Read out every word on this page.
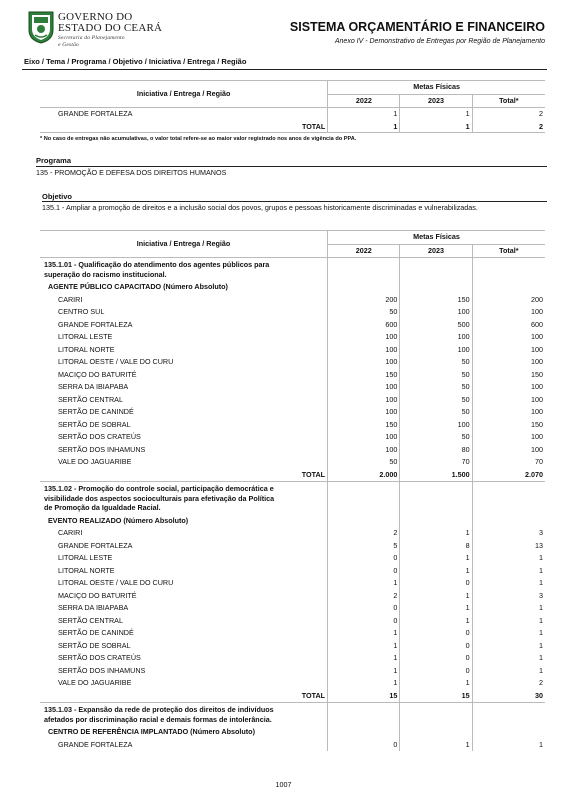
GOVERNO DO
ESTADO DO CEARÁ
Secretaria do Planejamento
e Gestão
SISTEMA ORÇAMENTÁRIO E FINANCEIRO
Anexo IV - Demonstrativo de Entregas por Região de Planejamento
Eixo / Tema / Programa / Objetivo / Iniciativa / Entrega / Região
Iniciativa / Entrega / Região	Metas Físicas		
	2022	2023	Total*
GRANDE FORTALEZA	1	1	2
TOTAL	1	1	2
* No caso de entregas não acumulativas, o valor total refere-se ao maior valor registrado nos anos de vigência do PPA.
Programa
135 - PROMOÇÃO E DEFESA DOS DIREITOS HUMANOS
Objetivo
135.1 - Ampliar a promoção de direitos e a inclusão social dos povos, grupos e pessoas historicamente discriminadas e vulnerabilizadas.
Iniciativa / Entrega / Região	Metas Físicas		
	2022	2023	Total*

135.1.01 - Qualificação do atendimento dos agentes públicos para
superação do racismo institucional.			

AGENTE PÚBLICO CAPACITADO (Número Absoluto)			
CARIRI	200	150	200
CENTRO SUL	50	100	100
GRANDE FORTALEZA	600	500	600
LITORAL LESTE	100	100	100
LITORAL NORTE	100	100	100
LITORAL OESTE / VALE DO CURU	100	50	100
MACIÇO DO BATURITÉ	150	50	150
SERRA DA IBIAPABA	100	50	100
SERTÃO CENTRAL	100	50	100
SERTÃO DE CANINDÉ	100	50	100
SERTÃO DE SOBRAL	150	100	150
SERTÃO DOS CRATEÚS	100	50	100
SERTÃO DOS INHAMUNS	100	80	100
VALE DO JAGUARIBE	50	70	70
TOTAL	2.000	1.500	2.070

135.1.02 - Promoção do controle social, participação democrática e
visibilidade dos aspectos socioculturais para efetivação da Política
de Promoção da Igualdade Racial.			

EVENTO REALIZADO (Número Absoluto)			
CARIRI	2	1	3
GRANDE FORTALEZA	5	8	13
LITORAL LESTE	0	1	1
LITORAL NORTE	0	1	1
LITORAL OESTE / VALE DO CURU	1	0	1
MACIÇO DO BATURITÉ	2	1	3
SERRA DA IBIAPABA	0	1	1
SERTÃO CENTRAL	0	1	1
SERTÃO DE CANINDÉ	1	0	1
SERTÃO DE SOBRAL	1	0	1
SERTÃO DOS CRATEÚS	1	0	1
SERTÃO DOS INHAMUNS	1	0	1
VALE DO JAGUARIBE	1	1	2
TOTAL	15	15	30

135.1.03 - Expansão da rede de proteção dos direitos de indivíduos
afetados por discriminação racial e demais formas de intolerância.			

CENTRO DE REFERÊNCIA IMPLANTADO (Número Absoluto)			
GRANDE FORTALEZA	0	1	1
1007
